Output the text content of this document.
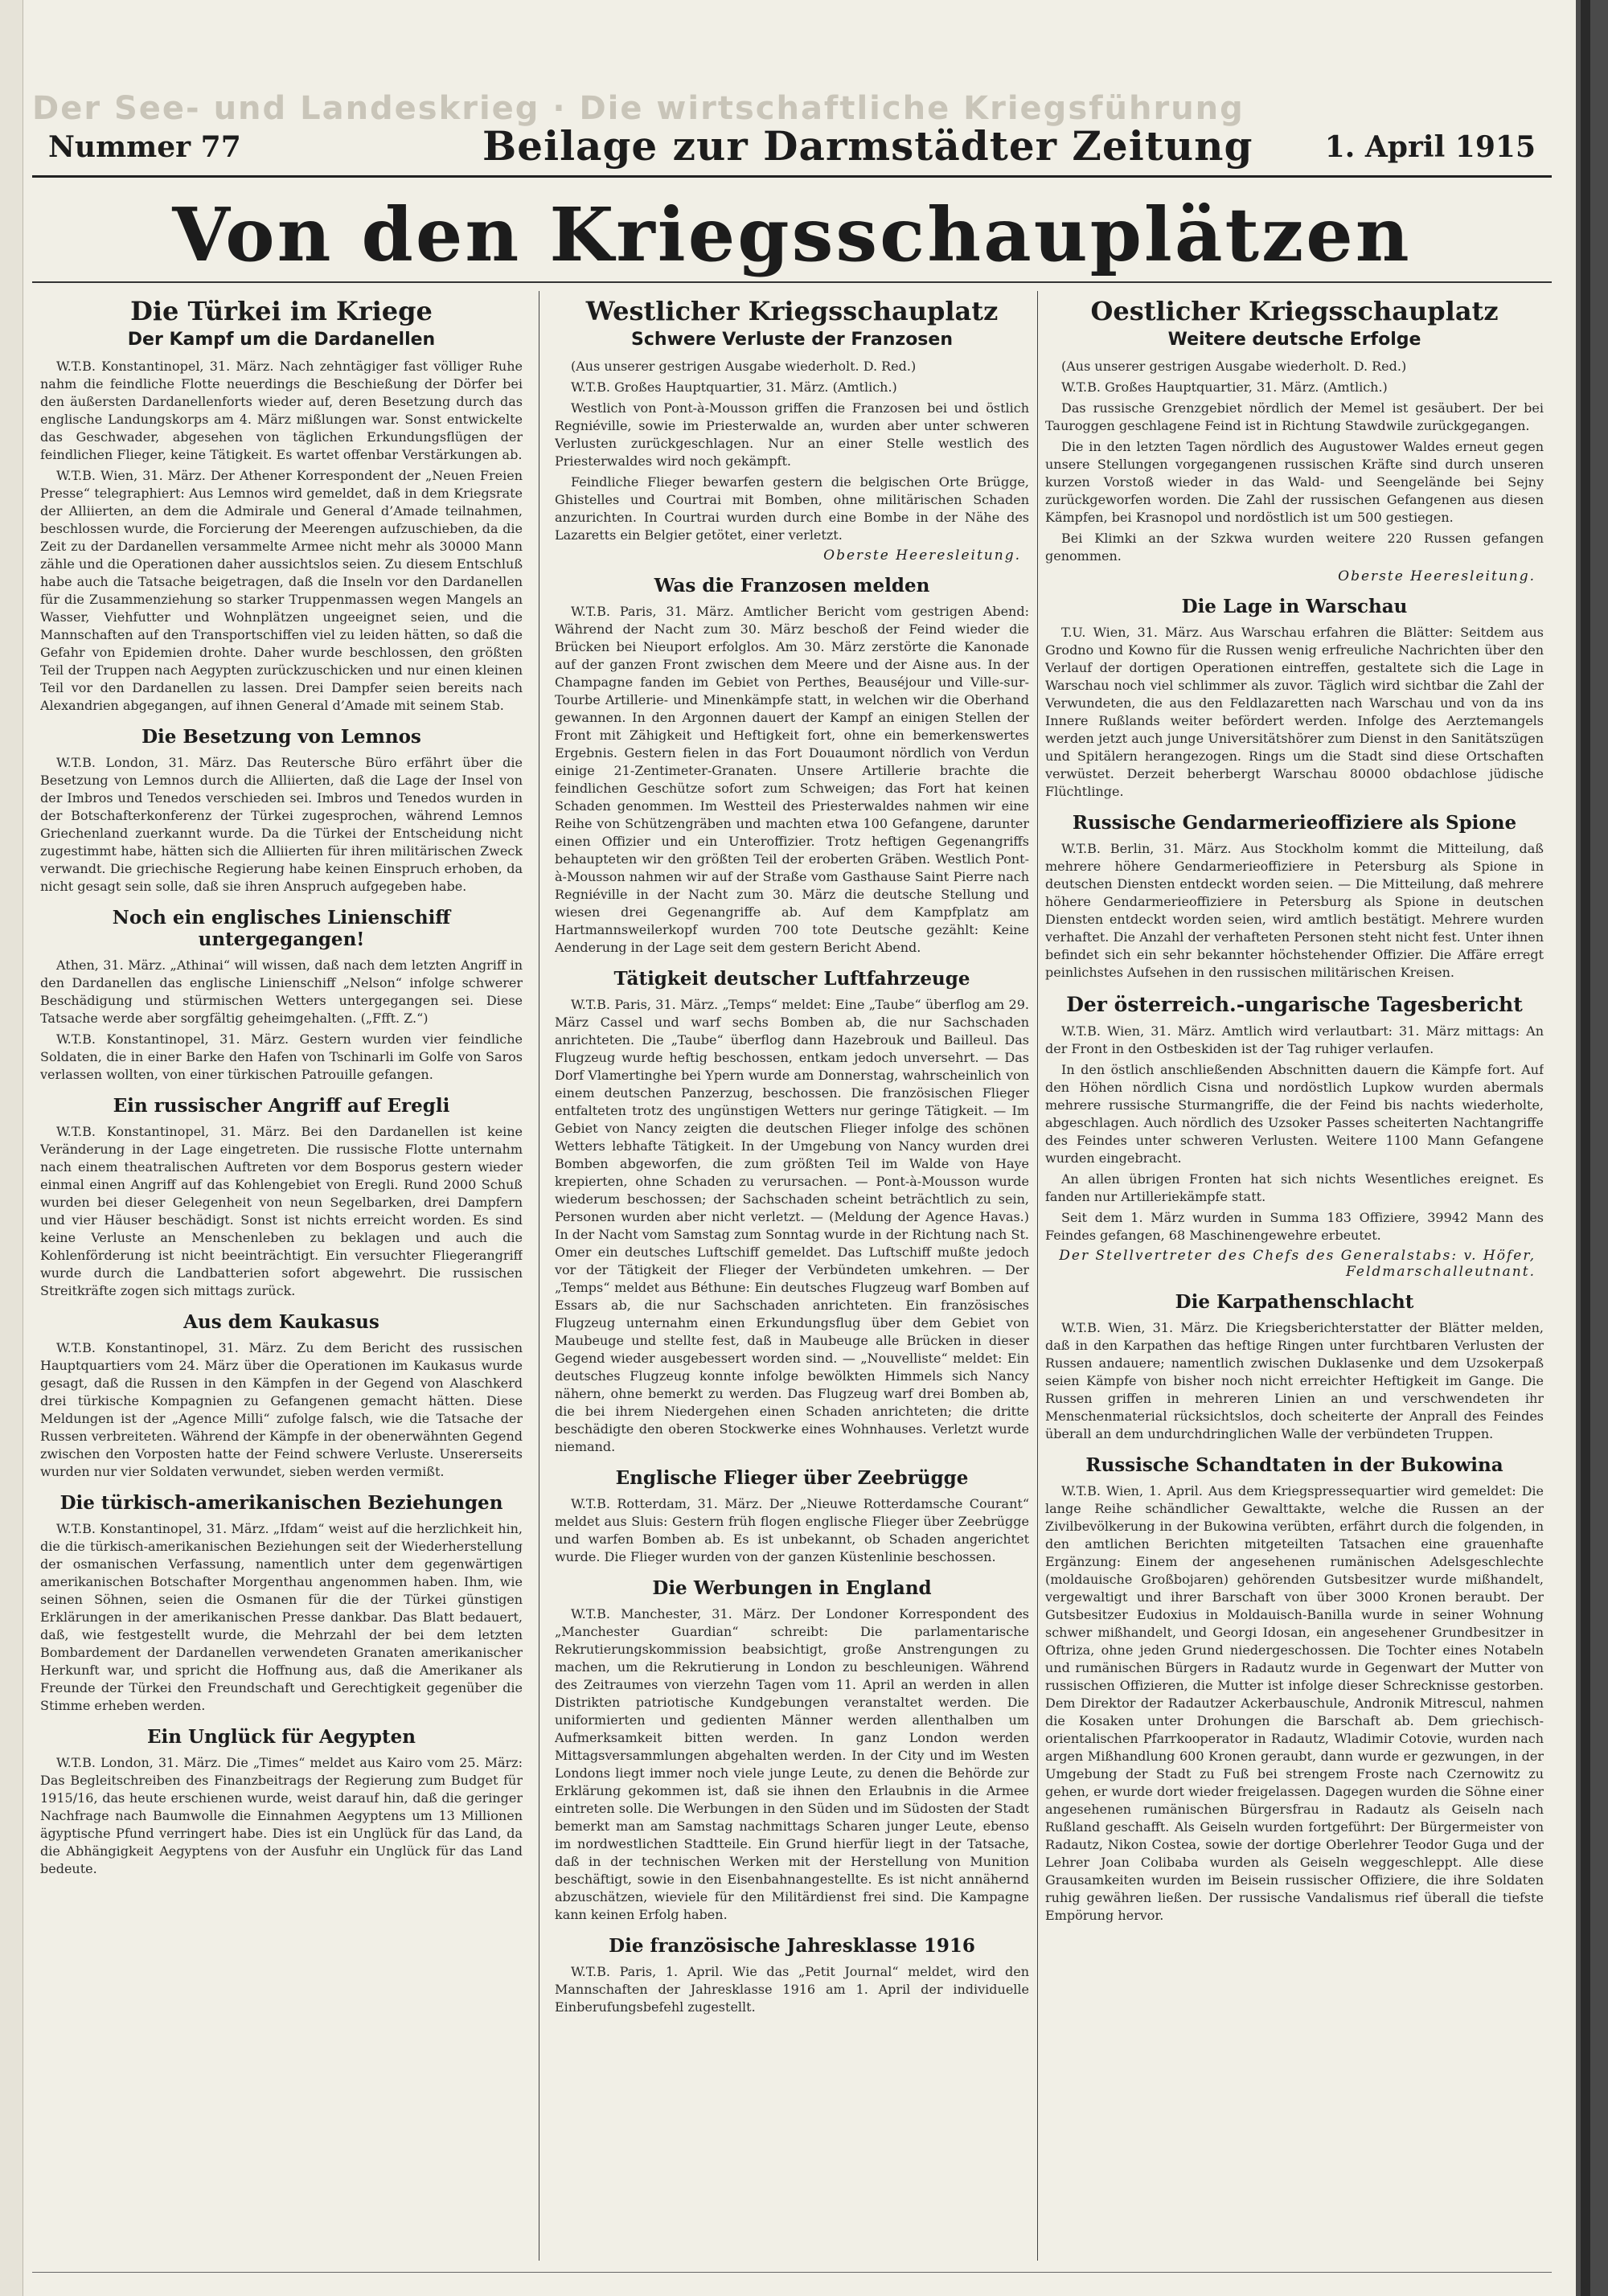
Der See- und Landeskrieg · Die wirtschaftliche Kriegsführung
Nummer 77	Beilage zur Darmstädter Zeitung 1. April 1915
Von den Kriegsschauplätzen
Die Türkei im Kriege
Der Kampf um die Dardanellen

W.T.B. Konstantinopel, 31. März. Nach zehntägiger fast völliger Ruhe nahm die feindliche Flotte neuerdings die Beschießung der Dörfer bei den äußersten Dardanellenforts wieder auf, deren Besetzung durch das englische Landungskorps am 4. März mißlungen war. Sonst entwickelte das Geschwader, abgesehen von täglichen Erkundungsflügen der feindlichen Flieger, keine Tätigkeit. Es wartet offenbar Verstärkungen ab.

W.T.B. Wien, 31. März. Der Athener Korrespondent der „Neuen Freien Presse“ telegraphiert: Aus Lemnos wird gemeldet, daß in dem Kriegsrate der Alliierten, an dem die Admirale und General d’Amade teilnahmen, beschlossen wurde, die Forcierung der Meerengen aufzuschieben, da die Zeit zu der Dardanellen versammelte Armee nicht mehr als 30000 Mann zähle und die Operationen daher aussichtslos seien. Zu diesem Entschluß habe auch die Tatsache beigetragen, daß die Inseln vor den Dardanellen für die Zusammenziehung so starker Truppenmassen wegen Mangels an Wasser, Viehfutter und Wohnplätzen ungeeignet seien, und die Mannschaften auf den Transportschiffen viel zu leiden hätten, so daß die Gefahr von Epidemien drohte. Daher wurde beschlossen, den größten Teil der Truppen nach Aegypten zurückzuschicken und nur einen kleinen Teil vor den Dardanellen zu lassen. Drei Dampfer seien bereits nach Alexandrien abgegangen, auf ihnen General d’Amade mit seinem Stab.

Die Besetzung von Lemnos

W.T.B. London, 31. März. Das Reutersche Büro erfährt über die Besetzung von Lemnos durch die Alliierten, daß die Lage der Insel von der Imbros und Tenedos verschieden sei. Imbros und Tenedos wurden in der Botschafterkonferenz der Türkei zugesprochen, während Lemnos Griechenland zuerkannt wurde. Da die Türkei der Entscheidung nicht zugestimmt habe, hätten sich die Alliierten für ihren militärischen Zweck verwandt. Die griechische Regierung habe keinen Einspruch erhoben, da nicht gesagt sein solle, daß sie ihren Anspruch aufgegeben habe.

Noch ein englisches Linienschiff untergegangen!

Athen, 31. März. „Athinai“ will wissen, daß nach dem letzten Angriff in den Dardanellen das englische Linienschiff „Nelson“ infolge schwerer Beschädigung und stürmischen Wetters untergegangen sei. Diese Tatsache werde aber sorgfältig geheimgehalten. („Ffft. Z.“)

W.T.B. Konstantinopel, 31. März. Gestern wurden vier feindliche Soldaten, die in einer Barke den Hafen von Tschinarli im Golfe von Saros verlassen wollten, von einer türkischen Patrouille gefangen.

Ein russischer Angriff auf Eregli

W.T.B. Konstantinopel, 31. März. Bei den Dardanellen ist keine Veränderung in der Lage eingetreten. Die russische Flotte unternahm nach einem theatralischen Auftreten vor dem Bosporus gestern wieder einmal einen Angriff auf das Kohlengebiet von Eregli. Rund 2000 Schuß wurden bei dieser Gelegenheit von neun Segelbarken, drei Dampfern und vier Häuser beschädigt. Sonst ist nichts erreicht worden. Es sind keine Verluste an Menschenleben zu beklagen und auch die Kohlenförderung ist nicht beeinträchtigt. Ein versuchter Fliegerangriff wurde durch die Landbatterien sofort abgewehrt. Die russischen Streitkräfte zogen sich mittags zurück.

Aus dem Kaukasus

W.T.B. Konstantinopel, 31. März. Zu dem Bericht des russischen Hauptquartiers vom 24. März über die Operationen im Kaukasus wurde gesagt, daß die Russen in den Kämpfen in der Gegend von Alaschkerd drei türkische Kompagnien zu Gefangenen gemacht hätten. Diese Meldungen ist der „Agence Milli“ zufolge falsch, wie die Tatsache der Russen verbreiteten. Während der Kämpfe in der obenerwähnten Gegend zwischen den Vorposten hatte der Feind schwere Verluste. Unsererseits wurden nur vier Soldaten verwundet, sieben werden vermißt.

Die türkisch-amerikanischen Beziehungen

W.T.B. Konstantinopel, 31. März. „Ifdam“ weist auf die herzlichkeit hin, die die türkisch-amerikanischen Beziehungen seit der Wiederherstellung der osmanischen Verfassung, namentlich unter dem gegenwärtigen amerikanischen Botschafter Morgenthau angenommen haben. Ihm, wie seinen Söhnen, seien die Osmanen für die der Türkei günstigen Erklärungen in der amerikanischen Presse dankbar. Das Blatt bedauert, daß, wie festgestellt wurde, die Mehrzahl der bei dem letzten Bombardement der Dardanellen verwendeten Granaten amerikanischer Herkunft war, und spricht die Hoffnung aus, daß die Amerikaner als Freunde der Türkei den Freundschaft und Gerechtigkeit gegenüber die Stimme erheben werden.

Ein Unglück für Aegypten

W.T.B. London, 31. März. Die „Times“ meldet aus Kairo vom 25. März: Das Begleitschreiben des Finanzbeitrags der Regierung zum Budget für 1915/16, das heute erschienen wurde, weist darauf hin, daß die geringer Nachfrage nach Baumwolle die Einnahmen Aegyptens um 13 Millionen ägyptische Pfund verringert habe. Dies ist ein Unglück für das Land, da die Abhängigkeit Aegyptens von der Ausfuhr ein Unglück für das Land bedeute.

Westlicher Kriegsschauplatz
Schwere Verluste der Franzosen

(Aus unserer gestrigen Ausgabe wiederholt. D. Red.)

W.T.B. Großes Hauptquartier, 31. März. (Amtlich.)

Westlich von Pont-à-Mousson griffen die Franzosen bei und östlich Regniéville, sowie im Priesterwalde an, wurden aber unter schweren Verlusten zurückgeschlagen. Nur an einer Stelle westlich des Priesterwaldes wird noch gekämpft.

Feindliche Flieger bewarfen gestern die belgischen Orte Brügge, Ghistelles und Courtrai mit Bomben, ohne militärischen Schaden anzurichten. In Courtrai wurden durch eine Bombe in der Nähe des Lazaretts ein Belgier getötet, einer verletzt.

Oberste Heeresleitung.
Was die Franzosen melden

W.T.B. Paris, 31. März. Amtlicher Bericht vom gestrigen Abend: Während der Nacht zum 30. März beschoß der Feind wieder die Brücken bei Nieuport erfolglos. Am 30. März zerstörte die Kanonade auf der ganzen Front zwischen dem Meere und der Aisne aus. In der Champagne fanden im Gebiet von Perthes, Beauséjour und Ville-sur-Tourbe Artillerie- und Minenkämpfe statt, in welchen wir die Oberhand gewannen. In den Argonnen dauert der Kampf an einigen Stellen der Front mit Zähigkeit und Heftigkeit fort, ohne ein bemerkenswertes Ergebnis. Gestern fielen in das Fort Douaumont nördlich von Verdun einige 21-Zentimeter-Granaten. Unsere Artillerie brachte die feindlichen Geschütze sofort zum Schweigen; das Fort hat keinen Schaden genommen. Im Westteil des Priesterwaldes nahmen wir eine Reihe von Schützengräben und machten etwa 100 Gefangene, darunter einen Offizier und ein Unteroffizier. Trotz heftigen Gegenangriffs behaupteten wir den größten Teil der eroberten Gräben. Westlich Pont-à-Mousson nahmen wir auf der Straße vom Gasthause Saint Pierre nach Regniéville in der Nacht zum 30. März die deutsche Stellung und wiesen drei Gegenangriffe ab. Auf dem Kampfplatz am Hartmannsweilerkopf wurden 700 tote Deutsche gezählt: Keine Aenderung in der Lage seit dem gestern Bericht Abend.

Tätigkeit deutscher Luftfahrzeuge

W.T.B. Paris, 31. März. „Temps“ meldet: Eine „Taube“ überflog am 29. März Cassel und warf sechs Bomben ab, die nur Sachschaden anrichteten. Die „Taube“ überflog dann Hazebrouk und Bailleul. Das Flugzeug wurde heftig beschossen, entkam jedoch unversehrt. — Das Dorf Vlamertinghe bei Ypern wurde am Donnerstag, wahrscheinlich von einem deutschen Panzerzug, beschossen. Die französischen Flieger entfalteten trotz des ungünstigen Wetters nur geringe Tätigkeit. — Im Gebiet von Nancy zeigten die deutschen Flieger infolge des schönen Wetters lebhafte Tätigkeit. In der Umgebung von Nancy wurden drei Bomben abgeworfen, die zum größten Teil im Walde von Haye krepierten, ohne Schaden zu verursachen. — Pont-à-Mousson wurde wiederum beschossen; der Sachschaden scheint beträchtlich zu sein, Personen wurden aber nicht verletzt. — (Meldung der Agence Havas.) In der Nacht vom Samstag zum Sonntag wurde in der Richtung nach St. Omer ein deutsches Luftschiff gemeldet. Das Luftschiff mußte jedoch vor der Tätigkeit der Flieger der Verbündeten umkehren. — Der „Temps“ meldet aus Béthune: Ein deutsches Flugzeug warf Bomben auf Essars ab, die nur Sachschaden anrichteten. Ein französisches Flugzeug unternahm einen Erkundungsflug über dem Gebiet von Maubeuge und stellte fest, daß in Maubeuge alle Brücken in dieser Gegend wieder ausgebessert worden sind. — „Nouvelliste“ meldet: Ein deutsches Flugzeug konnte infolge bewölkten Himmels sich Nancy nähern, ohne bemerkt zu werden. Das Flugzeug warf drei Bomben ab, die bei ihrem Niedergehen einen Schaden anrichteten; die dritte beschädigte den oberen Stockwerke eines Wohnhauses. Verletzt wurde niemand.

Englische Flieger über Zeebrügge

W.T.B. Rotterdam, 31. März. Der „Nieuwe Rotterdamsche Courant“ meldet aus Sluis: Gestern früh flogen englische Flieger über Zeebrügge und warfen Bomben ab. Es ist unbekannt, ob Schaden angerichtet wurde. Die Flieger wurden von der ganzen Küstenlinie beschossen.

Die Werbungen in England

W.T.B. Manchester, 31. März. Der Londoner Korrespondent des „Manchester Guardian“ schreibt: Die parlamentarische Rekrutierungskommission beabsichtigt, große Anstrengungen zu machen, um die Rekrutierung in London zu beschleunigen. Während des Zeitraumes von vierzehn Tagen vom 11. April an werden in allen Distrikten patriotische Kundgebungen veranstaltet werden. Die uniformierten und gedienten Männer werden allenthalben um Aufmerksamkeit bitten werden. In ganz London werden Mittagsversammlungen abgehalten werden. In der City und im Westen Londons liegt immer noch viele junge Leute, zu denen die Behörde zur Erklärung gekommen ist, daß sie ihnen den Erlaubnis in die Armee eintreten solle. Die Werbungen in den Süden und im Südosten der Stadt bemerkt man am Samstag nachmittags Scharen junger Leute, ebenso im nordwestlichen Stadtteile. Ein Grund hierfür liegt in der Tatsache, daß in der technischen Werken mit der Herstellung von Munition beschäftigt, sowie in den Eisenbahnangestellte. Es ist nicht annähernd abzuschätzen, wieviele für den Militärdienst frei sind. Die Kampagne kann keinen Erfolg haben.

Die französische Jahresklasse 1916

W.T.B. Paris, 1. April. Wie das „Petit Journal“ meldet, wird den Mannschaften der Jahresklasse 1916 am 1. April der individuelle Einberufungsbefehl zugestellt.

Oestlicher Kriegsschauplatz
Weitere deutsche Erfolge

(Aus unserer gestrigen Ausgabe wiederholt. D. Red.)

W.T.B. Großes Hauptquartier, 31. März. (Amtlich.)

Das russische Grenzgebiet nördlich der Memel ist gesäubert. Der bei Tauroggen geschlagene Feind ist in Richtung Stawdwile zurückgegangen.

Die in den letzten Tagen nördlich des Augustower Waldes erneut gegen unsere Stellungen vorgegangenen russischen Kräfte sind durch unseren kurzen Vorstoß wieder in das Wald- und Seengelände bei Sejny zurückgeworfen worden. Die Zahl der russischen Gefangenen aus diesen Kämpfen, bei Krasnopol und nordöstlich ist um 500 gestiegen.

Bei Klimki an der Szkwa wurden weitere 220 Russen gefangen genommen.

Oberste Heeresleitung.
Die Lage in Warschau

T.U. Wien, 31. März. Aus Warschau erfahren die Blätter: Seitdem aus Grodno und Kowno für die Russen wenig erfreuliche Nachrichten über den Verlauf der dortigen Operationen eintreffen, gestaltete sich die Lage in Warschau noch viel schlimmer als zuvor. Täglich wird sichtbar die Zahl der Verwundeten, die aus den Feldlazaretten nach Warschau und von da ins Innere Rußlands weiter befördert werden. Infolge des Aerztemangels werden jetzt auch junge Universitätshörer zum Dienst in den Sanitätszügen und Spitälern herangezogen. Rings um die Stadt sind diese Ortschaften verwüstet. Derzeit beherbergt Warschau 80000 obdachlose jüdische Flüchtlinge.

Russische Gendarmerieoffiziere als Spione

W.T.B. Berlin, 31. März. Aus Stockholm kommt die Mitteilung, daß mehrere höhere Gendarmerieoffiziere in Petersburg als Spione in deutschen Diensten entdeckt worden seien. — Die Mitteilung, daß mehrere höhere Gendarmerieoffiziere in Petersburg als Spione in deutschen Diensten entdeckt worden seien, wird amtlich bestätigt. Mehrere wurden verhaftet. Die Anzahl der verhafteten Personen steht nicht fest. Unter ihnen befindet sich ein sehr bekannter höchstehender Offizier. Die Affäre erregt peinlichstes Aufsehen in den russischen militärischen Kreisen.

Der österreich.-ungarische Tagesbericht

W.T.B. Wien, 31. März. Amtlich wird verlautbart: 31. März mittags: An der Front in den Ostbeskiden ist der Tag ruhiger verlaufen.

In den östlich anschließenden Abschnitten dauern die Kämpfe fort. Auf den Höhen nördlich Cisna und nordöstlich Lupkow wurden abermals mehrere russische Sturmangriffe, die der Feind bis nachts wiederholte, abgeschlagen. Auch nördlich des Uzsoker Passes scheiterten Nachtangriffe des Feindes unter schweren Verlusten. Weitere 1100 Mann Gefangene wurden eingebracht.

An allen übrigen Fronten hat sich nichts Wesentliches ereignet. Es fanden nur Artilleriekämpfe statt.

Seit dem 1. März wurden in Summa 183 Offiziere, 39942 Mann des Feindes gefangen, 68 Maschinengewehre erbeutet.

Der Stellvertreter des Chefs des Generalstabs: v. Höfer, Feldmarschalleutnant.
Die Karpathenschlacht

W.T.B. Wien, 31. März. Die Kriegsberichterstatter der Blätter melden, daß in den Karpathen das heftige Ringen unter furchtbaren Verlusten der Russen andauere; namentlich zwischen Duklasenke und dem Uzsokerpaß seien Kämpfe von bisher noch nicht erreichter Heftigkeit im Gange. Die Russen griffen in mehreren Linien an und verschwendeten ihr Menschenmaterial rücksichtslos, doch scheiterte der Anprall des Feindes überall an dem undurchdringlichen Walle der verbündeten Truppen.

Russische Schandtaten in der Bukowina

W.T.B. Wien, 1. April. Aus dem Kriegspressequartier wird gemeldet: Die lange Reihe schändlicher Gewalttakte, welche die Russen an der Zivilbevölkerung in der Bukowina verübten, erfährt durch die folgenden, in den amtlichen Berichten mitgeteilten Tatsachen eine grauenhafte Ergänzung: Einem der angesehenen rumänischen Adelsgeschlechte (moldauische Großbojaren) gehörenden Gutsbesitzer wurde mißhandelt, vergewaltigt und ihrer Barschaft von über 3000 Kronen beraubt. Der Gutsbesitzer Eudoxius in Moldauisch-Banilla wurde in seiner Wohnung schwer mißhandelt, und Georgi Idosan, ein angesehener Grundbesitzer in Oftriza, ohne jeden Grund niedergeschossen. Die Tochter eines Notabeln und rumänischen Bürgers in Radautz wurde in Gegenwart der Mutter von russischen Offizieren, die Mutter ist infolge dieser Schrecknisse gestorben. Dem Direktor der Radautzer Ackerbauschule, Andronik Mitrescul, nahmen die Kosaken unter Drohungen die Barschaft ab. Dem griechisch-orientalischen Pfarrkooperator in Radautz, Wladimir Cotovie, wurden nach argen Mißhandlung 600 Kronen geraubt, dann wurde er gezwungen, in der Umgebung der Stadt zu Fuß bei strengem Froste nach Czernowitz zu gehen, er wurde dort wieder freigelassen. Dagegen wurden die Söhne einer angesehenen rumänischen Bürgersfrau in Radautz als Geiseln nach Rußland geschafft. Als Geiseln wurden fortgeführt: Der Bürgermeister von Radautz, Nikon Costea, sowie der dortige Oberlehrer Teodor Guga und der Lehrer Joan Colibaba wurden als Geiseln weggeschleppt. Alle diese Grausamkeiten wurden im Beisein russischer Offiziere, die ihre Soldaten ruhig gewähren ließen. Der russische Vandalismus rief überall die tiefste Empörung hervor.
